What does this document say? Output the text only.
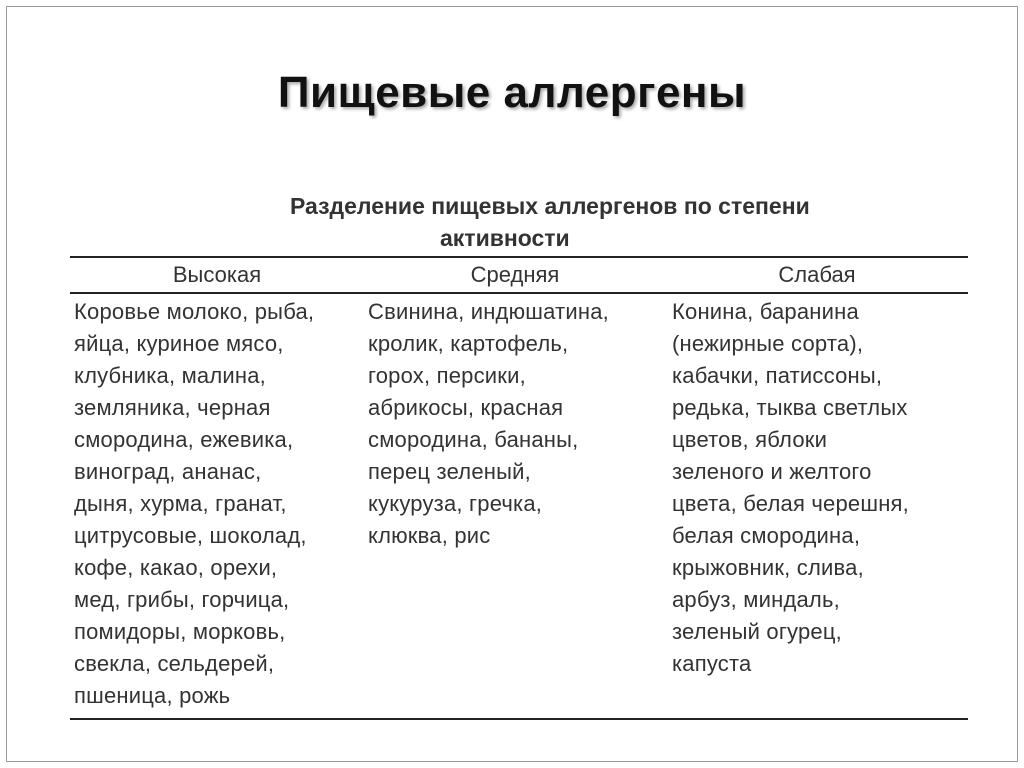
Пищевые аллергены
Разделение пищевых аллергенов по степени
активности
Высокая	Средняя	Слабая
Коровье молоко, рыба,
яйца, куриное мясо,
клубника, малина,
земляника, черная
смородина, ежевика,
виноград, ананас,
дыня, хурма, гранат,
цитрусовые, шоколад,
кофе, какао, орехи,
мед, грибы, горчица,
помидоры, морковь,
свекла, сельдерей,
пшеница, рожь
Свинина, индюшатина,
кролик, картофель,
горох, персики,
абрикосы, красная
смородина, бананы,
перец зеленый,
кукуруза, гречка,
клюква, рис
Конина, баранина
(нежирные сорта),
кабачки, патиссоны,
редька, тыква светлых
цветов, яблоки
зеленого и желтого
цвета, белая черешня,
белая смородина,
крыжовник, слива,
арбуз, миндаль,
зеленый огурец,
капуста
